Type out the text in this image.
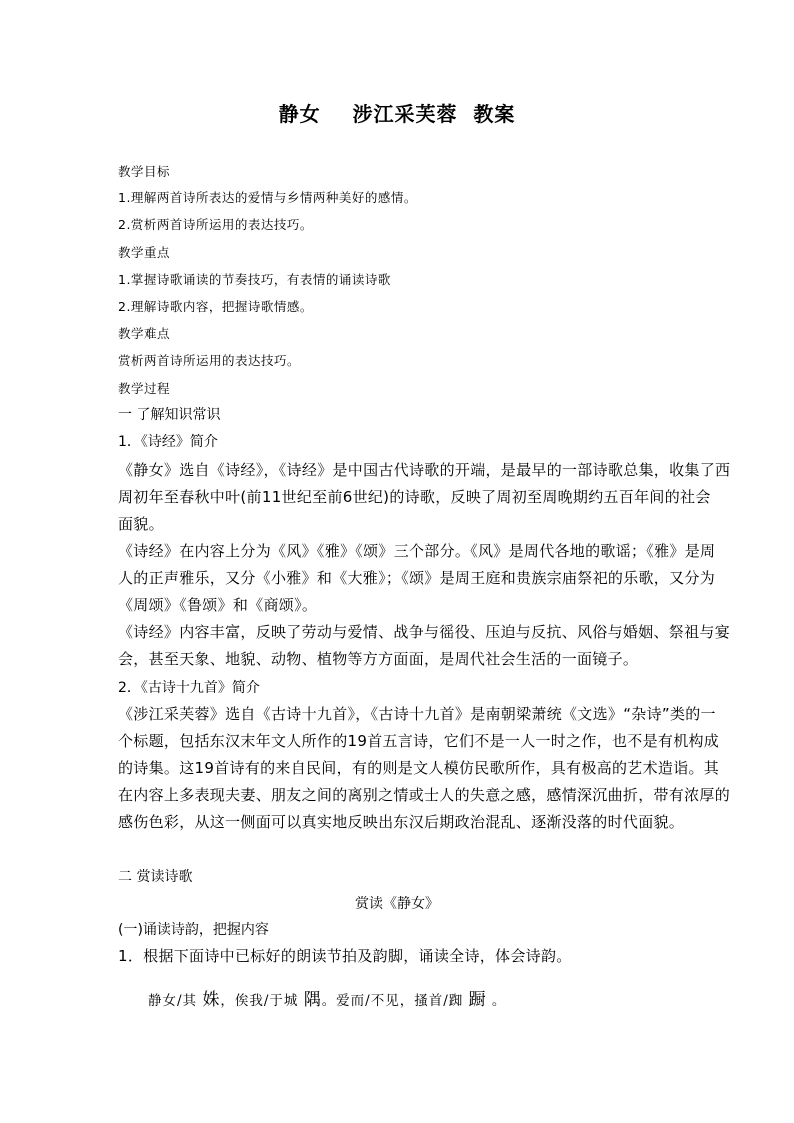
静女    涉江采芙蓉  教案
教学目标
1.理解两首诗所表达的爱情与乡情两种美好的感情。
2.赏析两首诗所运用的表达技巧。
教学重点
1.掌握诗歌诵读的节奏技巧，有表情的诵读诗歌
2.理解诗歌内容，把握诗歌情感。
教学难点
赏析两首诗所运用的表达技巧。
教学过程
一 了解知识常识
1．《诗经》简介
《静女》选自《诗经》，《诗经》是中国古代诗歌的开端，是最早的一部诗歌总集，收集了西
周初年至春秋中叶(前11世纪至前6世纪)的诗歌，反映了周初至周晚期约五百年间的社会
面貌。
《诗经》在内容上分为《风》《雅》《颂》三个部分。《风》是周代各地的歌谣；《雅》是周
人的正声雅乐，又分《小雅》和《大雅》；《颂》是周王庭和贵族宗庙祭祀的乐歌，又分为
《周颂》《鲁颂》和《商颂》。
《诗经》内容丰富，反映了劳动与爱情、战争与徭役、压迫与反抗、风俗与婚姻、祭祖与宴
会，甚至天象、地貌、动物、植物等方方面面，是周代社会生活的一面镜子。
2．《古诗十九首》简介
《涉江采芙蓉》选自《古诗十九首》，《古诗十九首》是南朝梁萧统《文选》“杂诗”类的一
个标题，包括东汉末年文人所作的19首五言诗，它们不是一人一时之作，也不是有机构成
的诗集。这19首诗有的来自民间，有的则是文人模仿民歌所作，具有极高的艺术造诣。其
在内容上多表现夫妻、朋友之间的离别之情或士人的失意之感，感情深沉曲折，带有浓厚的
感伤色彩，从这一侧面可以真实地反映出东汉后期政治混乱、逐渐没落的时代面貌。
二 赏读诗歌
赏读《静女》
(一)诵读诗韵，把握内容
1．根据下面诗中已标好的朗读节拍及韵脚，诵读全诗，体会诗韵。
静女/其 姝，俟我/于城 隅。爱而/不见，搔首/踟 蹰 。
